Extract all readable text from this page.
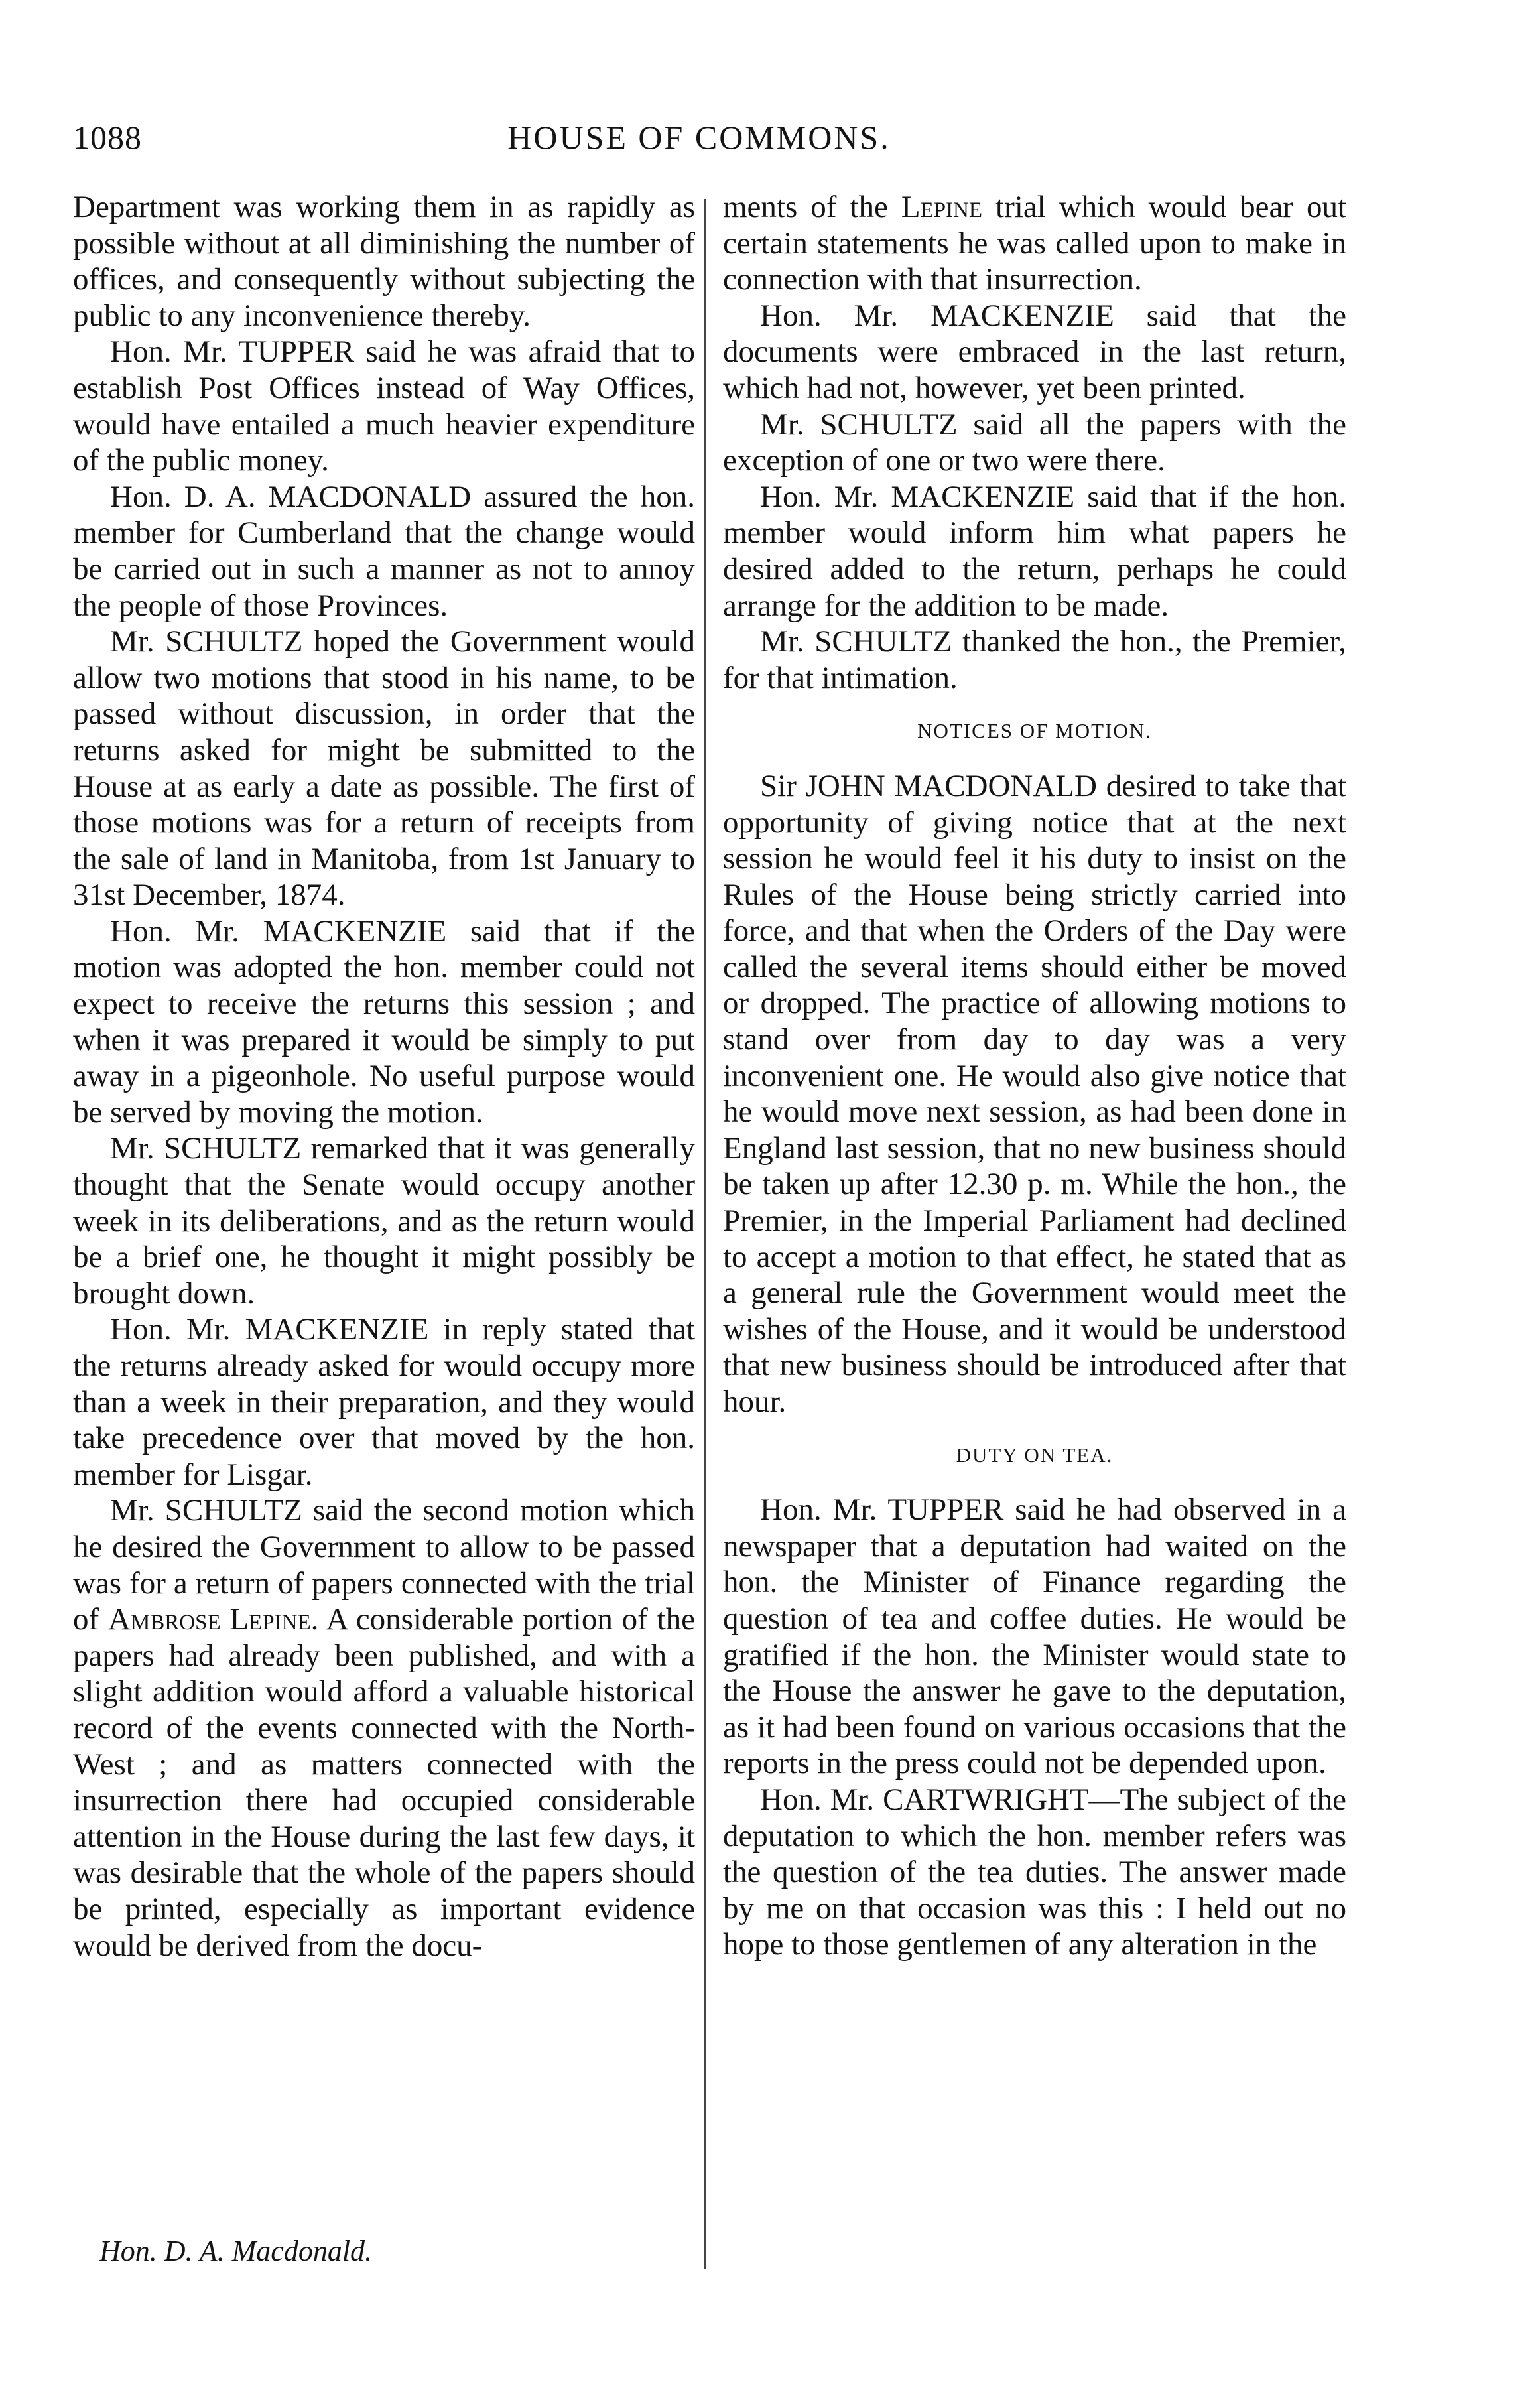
1088	HOUSE OF COMMONS.

Department was working them in as rapidly as possible without at all diminishing the number of offices, and consequently without subjecting the public to any inconvenience thereby.

Hon. Mr. TUPPER said he was afraid that to establish Post Offices instead of Way Offices, would have entailed a much heavier expenditure of the public money.

Hon. D. A. MACDONALD assured the hon. member for Cumberland that the change would be carried out in such a manner as not to annoy the people of those Provinces.

Mr. SCHULTZ hoped the Government would allow two motions that stood in his name, to be passed without discussion, in order that the returns asked for might be submitted to the House at as early a date as possible. The first of those motions was for a return of receipts from the sale of land in Manitoba, from 1st January to 31st December, 1874.

Hon. Mr. MACKENZIE said that if the motion was adopted the hon. member could not expect to receive the returns this session ; and when it was prepared it would be simply to put away in a pigeonhole. No useful purpose would be served by moving the motion.

Mr. SCHULTZ remarked that it was generally thought that the Senate would occupy another week in its deliberations, and as the return would be a brief one, he thought it might possibly be brought down.

Hon. Mr. MACKENZIE in reply stated that the returns already asked for would occupy more than a week in their preparation, and they would take precedence over that moved by the hon. member for Lisgar.

Mr. SCHULTZ said the second motion which he desired the Government to allow to be passed was for a return of papers connected with the trial of Ambrose Lepine. A considerable portion of the papers had already been published, and with a slight addition would afford a valuable historical record of the events connected with the North-West ; and as matters connected with the insurrection there had occupied considerable attention in the House during the last few days, it was desirable that the whole of the papers should be printed, especially as important evidence would be derived from the docu-

ments of the Lepine trial which would bear out certain statements he was called upon to make in connection with that insurrection.

Hon. Mr. MACKENZIE said that the documents were embraced in the last return, which had not, however, yet been printed.

Mr. SCHULTZ said all the papers with the exception of one or two were there.

Hon. Mr. MACKENZIE said that if the hon. member would inform him what papers he desired added to the return, perhaps he could arrange for the addition to be made.

Mr. SCHULTZ thanked the hon., the Premier, for that intimation.

NOTICES OF MOTION.

Sir JOHN MACDONALD desired to take that opportunity of giving notice that at the next session he would feel it his duty to insist on the Rules of the House being strictly carried into force, and that when the Orders of the Day were called the several items should either be moved or dropped. The practice of allowing motions to stand over from day to day was a very inconvenient one. He would also give notice that he would move next session, as had been done in England last session, that no new business should be taken up after 12.30 p. m. While the hon., the Premier, in the Imperial Parliament had declined to accept a motion to that effect, he stated that as a general rule the Government would meet the wishes of the House, and it would be understood that new business should be introduced after that hour.

DUTY ON TEA.

Hon. Mr. TUPPER said he had observed in a newspaper that a deputation had waited on the hon. the Minister of Finance regarding the question of tea and coffee duties. He would be gratified if the hon. the Minister would state to the House the answer he gave to the deputation, as it had been found on various occasions that the reports in the press could not be depended upon.

Hon. Mr. CARTWRIGHT—The subject of the deputation to which the hon. member refers was the question of the tea duties. The answer made by me on that occasion was this : I held out no hope to those gentlemen of any alteration in the

Hon. D. A. Macdonald.
